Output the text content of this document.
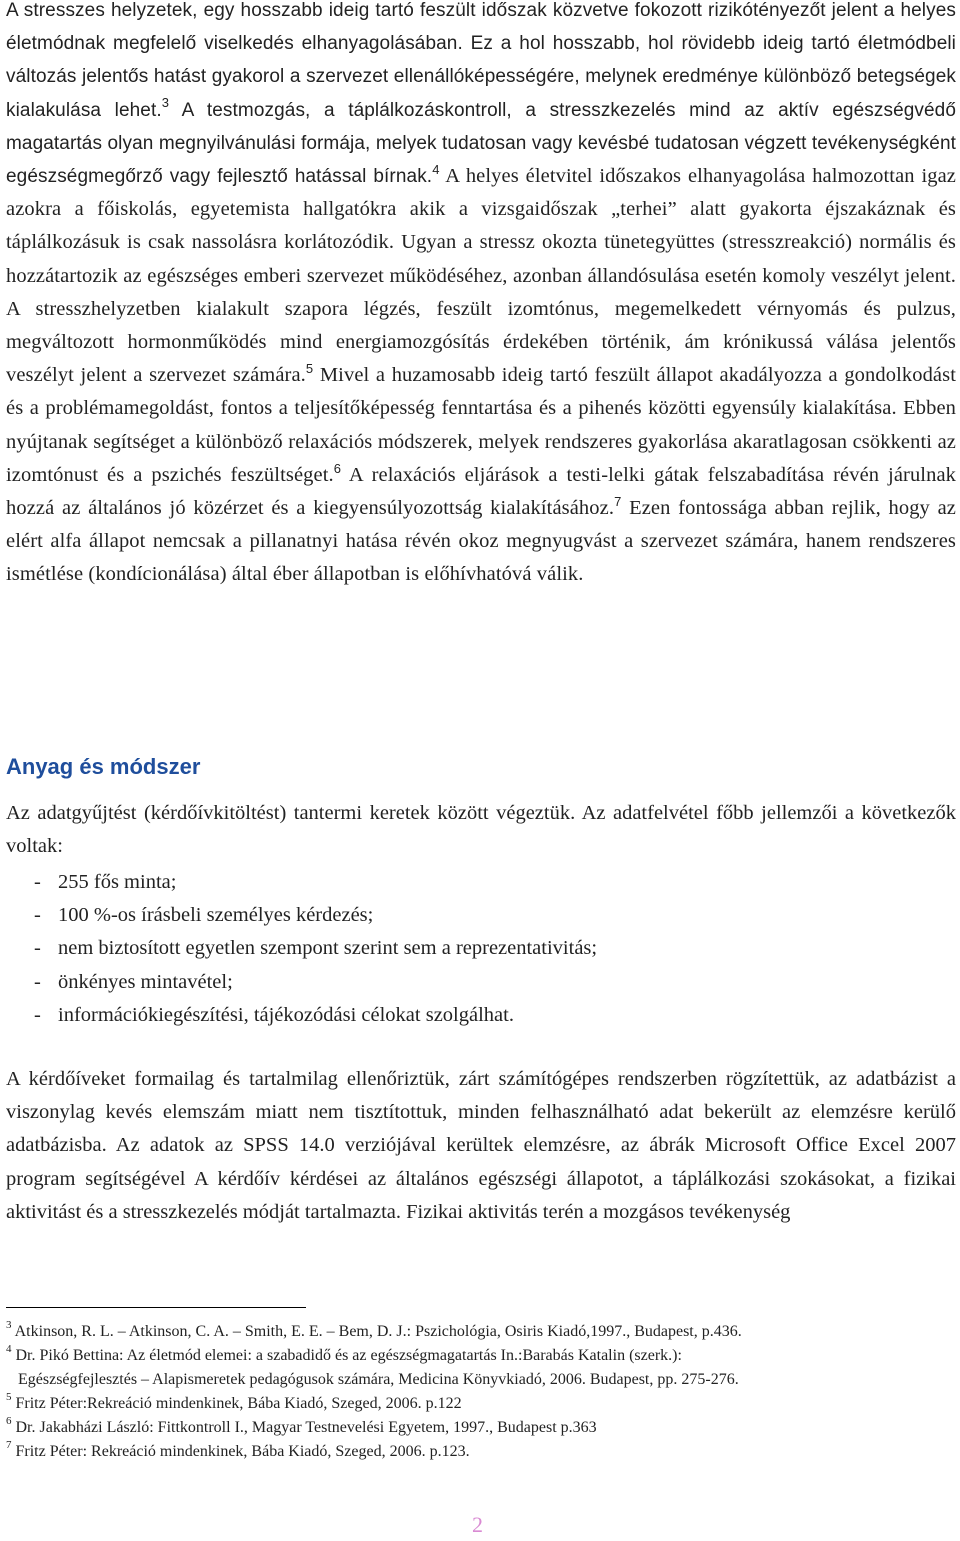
A stresszes helyzetek, egy hosszabb ideig tartó feszült időszak közvetve fokozott rizikótényezőt jelent a helyes életmódnak megfelelő viselkedés elhanyagolásában. Ez a hol hosszabb, hol rövidebb ideig tartó életmódbeli változás jelentős hatást gyakorol a szervezet ellenállóképességére, melynek eredménye különböző betegségek kialakulása lehet.$^3$ A testmozgás, a táplálkozáskontroll, a stresszkezelés mind az aktív egészségvédő magatartás olyan megnyilvánulási formája, melyek tudatosan vagy kevésbé tudatosan végzett tevékenységként egészségmegőrző vagy fejlesztő hatással bírnak.$^4$ A helyes életvitel időszakos elhanyagolása halmozottan igaz azokra a főiskolás, egyetemista hallgatókra akik a vizsgaidőszak „terhei” alatt gyakorta éjszakáznak és táplálkozásuk is csak nassolásra korlátozódik. Ugyan a stressz okozta tünetegyüttes (stresszreakció) normális és hozzátartozik az egészséges emberi szervezet működéséhez, azonban állandósulása esetén komoly veszélyt jelent. A stresszhelyzetben kialakult szapora légzés, feszült izomtónus, megemelkedett vérnyomás és pulzus, megváltozott hormonműködés mind energiamozgósítás érdekében történik, ám krónikussá válása jelentős veszélyt jelent a szervezet számára.$^5$ Mivel a huzamosabb ideig tartó feszült állapot akadályozza a gondolkodást és a problémamegoldást, fontos a teljesítőképesség fenntartása és a pihenés közötti egyensúly kialakítása. Ebben nyújtanak segítséget a különböző relaxációs módszerek, melyek rendszeres gyakorlása akaratlagosan csökkenti az izomtónust és a pszichés feszültséget.$^6$ A relaxációs eljárások a testi-lelki gátak felszabadítása révén járulnak hozzá az általános jó közérzet és a kiegyensúlyozottság kialakításához.$^7$ Ezen fontossága abban rejlik, hogy az elért alfa állapot nemcsak a pillanatnyi hatása révén okoz megnyugvást a szervezet számára, hanem rendszeres ismétlése (kondícionálása) által éber állapotban is előhívhatóvá válik.

Anyag és módszer

Az adatgyűjtést (kérdőívkitöltést) tantermi keretek között végeztük. Az adatfelvétel főbb jellemzői a következők voltak:

- 255 fős minta;
- 100 %-os írásbeli személyes kérdezés;
- nem biztosított egyetlen szempont szerint sem a reprezentativitás;
- önkényes mintavétel;
- információkiegészítési, tájékozódási célokat szolgálhat.

A kérdőíveket formailag és tartalmilag ellenőriztük, zárt számítógépes rendszerben rögzítettük, az adatbázist a viszonylag kevés elemszám miatt nem tisztítottuk, minden felhasználható adat bekerült az elemzésre kerülő adatbázisba. Az adatok az SPSS 14.0 verziójával kerültek elemzésre, az ábrák Microsoft Office Excel 2007 program segítségével A kérdőív kérdései az általános egészségi állapotot, a táplálkozási szokásokat, a fizikai aktivitást és a stresszkezelés módját tartalmazta. Fizikai aktivitás terén a mozgásos tevékenység

$^3$ Atkinson, R. L. – Atkinson, C. A. – Smith, E. E. – Bem, D. J.: Pszichológia, Osiris Kiadó,1997., Budapest, p.436.

$^4$ Dr. Pikó Bettina: Az életmód elemei: a szabadidő és az egészségmagatartás In.:Barabás Katalin (szerk.):

Egészségfejlesztés – Alapismeretek pedagógusok számára, Medicina Könyvkiadó, 2006. Budapest, pp. 275-276.

$^5$ Fritz Péter:Rekreáció mindenkinek, Bába Kiadó, Szeged, 2006. p.122

$^6$ Dr. Jakabházi László: Fittkontroll I., Magyar Testnevelési Egyetem, 1997., Budapest p.363

$^7$ Fritz Péter: Rekreáció mindenkinek, Bába Kiadó, Szeged, 2006. p.123.

2
